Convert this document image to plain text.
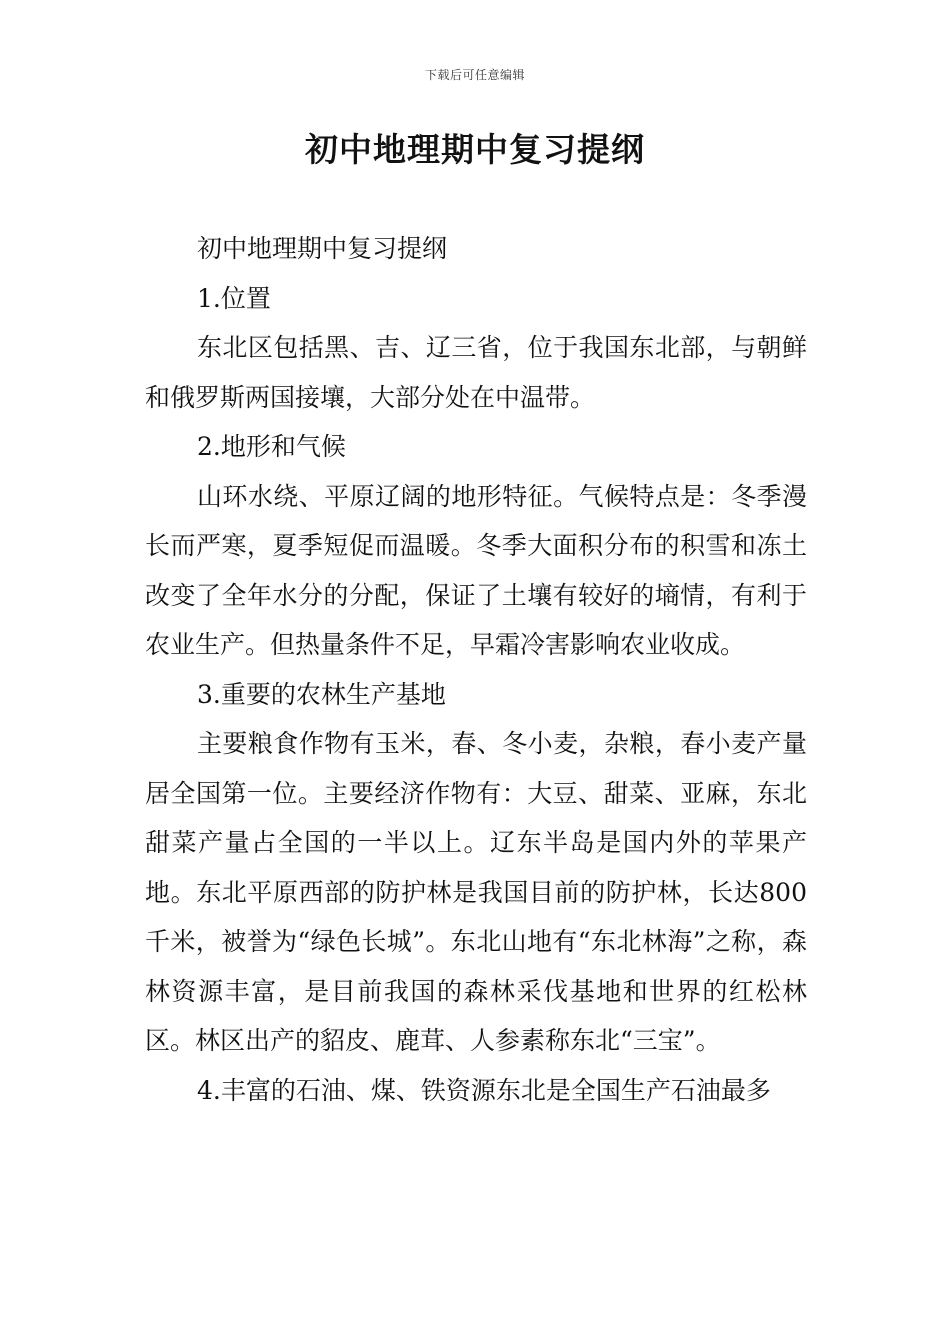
下载后可任意编辑
初中地理期中复习提纲

初中地理期中复习提纲

1.位置

东北区包括黑、吉、辽三省，位于我国东北部，与朝鲜和俄罗斯两国接壤，大部分处在中温带。

2.地形和气候

山环水绕、平原辽阔的地形特征。气候特点是：冬季漫长而严寒，夏季短促而温暖。冬季大面积分布的积雪和冻土改变了全年水分的分配，保证了土壤有较好的墒情，有利于农业生产。但热量条件不足，早霜冷害影响农业收成。

3.重要的农林生产基地

主要粮食作物有玉米，春、冬小麦，杂粮，春小麦产量居全国第一位。主要经济作物有：大豆、甜菜、亚麻，东北甜菜产量占全国的一半以上。辽东半岛是国内外的苹果产地。东北平原西部的防护林是我国目前的防护林，长达800千米，被誉为“绿色长城”。东北山地有“东北林海”之称，森林资源丰富，是目前我国的森林采伐基地和世界的红松林区。林区出产的貂皮、鹿茸、人参素称东北“三宝”。

4.丰富的石油、煤、铁资源东北是全国生产石油最多
